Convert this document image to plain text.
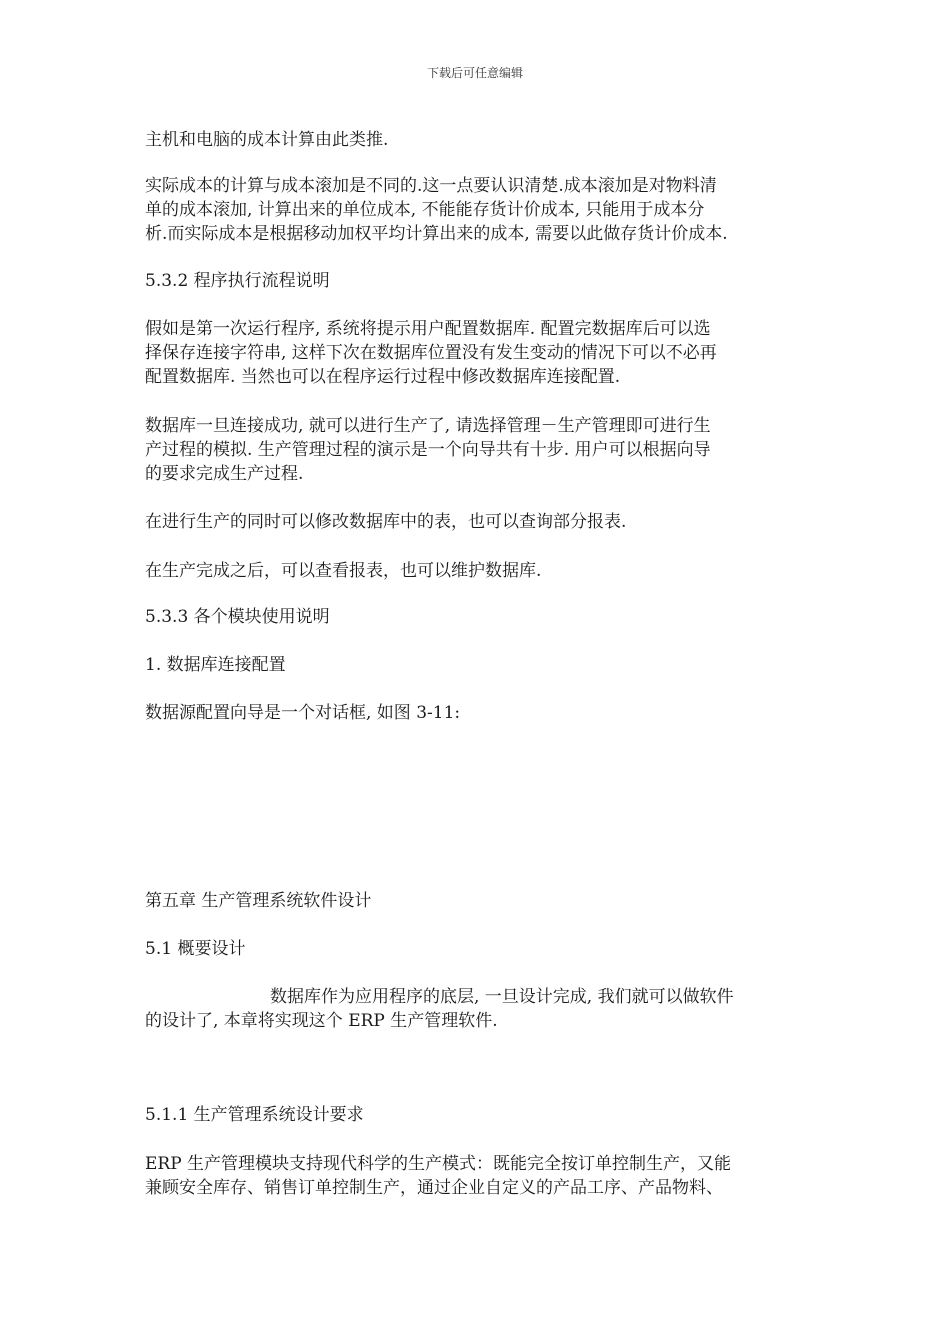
下载后可任意编辑
主机和电脑的成本计算由此类推.
实际成本的计算与成本滚加是不同的.这一点要认识清楚.成本滚加是对物料清
单的成本滚加, 计算出来的单位成本, 不能能存货计价成本, 只能用于成本分
析.而实际成本是根据移动加权平均计算出来的成本, 需要以此做存货计价成本.
5.3.2 程序执行流程说明
假如是第一次运行程序, 系统将提示用户配置数据库. 配置完数据库后可以选
择保存连接字符串, 这样下次在数据库位置没有发生变动的情况下可以不必再
配置数据库. 当然也可以在程序运行过程中修改数据库连接配置.
数据库一旦连接成功, 就可以进行生产了, 请选择管理－生产管理即可进行生
产过程的模拟. 生产管理过程的演示是一个向导共有十步. 用户可以根据向导
的要求完成生产过程.
在进行生产的同时可以修改数据库中的表，也可以查询部分报表.
在生产完成之后，可以查看报表，也可以维护数据库.
5.3.3 各个模块使用说明
1. 数据库连接配置
数据源配置向导是一个对话框, 如图 3-11:
第五章 生产管理系统软件设计
5.1 概要设计
数据库作为应用程序的底层, 一旦设计完成, 我们就可以做软件
的设计了, 本章将实现这个 ERP 生产管理软件.
5.1.1 生产管理系统设计要求
ERP 生产管理模块支持现代科学的生产模式：既能完全按订单控制生产，又能
兼顾安全库存、销售订单控制生产，通过企业自定义的产品工序、产品物料、
